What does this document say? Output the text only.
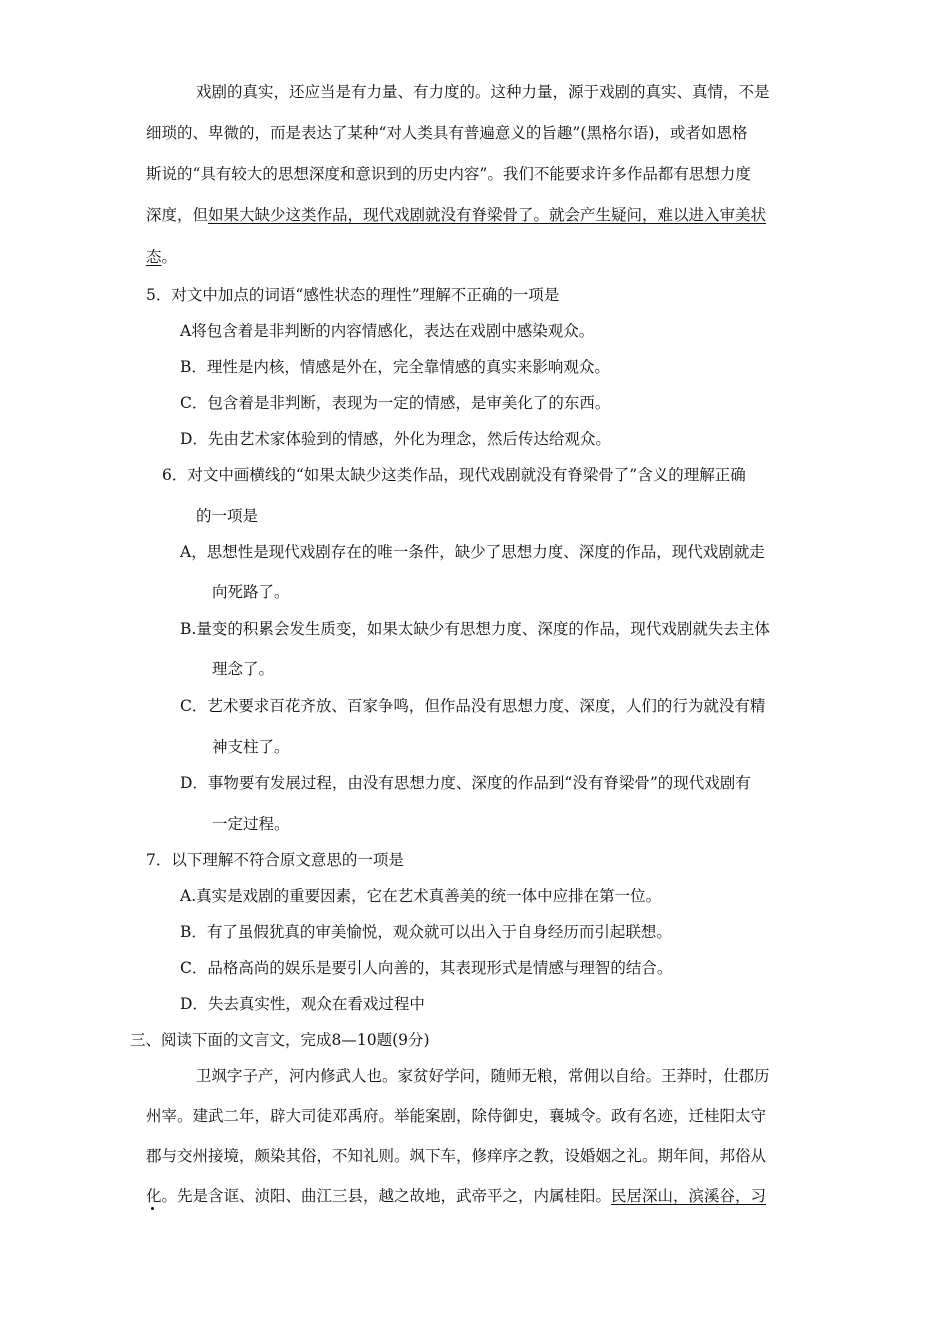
戏剧的真实，还应当是有力量、有力度的。这种力量，源于戏剧的真实、真情，不是
细琐的、卑微的，而是表达了某种“对人类具有普遍意义的旨趣”(黑格尔语)，或者如恩格
斯说的“具有较大的思想深度和意识到的历史内容”。我们不能要求许多作品都有思想力度
深度，但如果大缺少这类作品，现代戏剧就没有脊梁骨了。就会产生疑问，难以进入审美状
态。
5．对文中加点的词语“感性状态的理性”理解不正确的一项是
A将包含着是非判断的内容情感化，表达在戏剧中感染观众。
B．理性是内核，情感是外在，完全靠情感的真实来影响观众。
C．包含着是非判断，表现为一定的情感，是审美化了的东西。
D．先由艺术家体验到的情感，外化为理念，然后传达给观众。
6．对文中画横线的“如果太缺少这类作品，现代戏剧就没有脊梁骨了”含义的理解正确
的一项是
A，思想性是现代戏剧存在的唯一条件，缺少了思想力度、深度的作品，现代戏剧就走
向死路了。
B.量变的积累会发生质变，如果太缺少有思想力度、深度的作品，现代戏剧就失去主体
理念了。
C．艺术要求百花齐放、百家争鸣，但作品没有思想力度、深度，人们的行为就没有精
神支柱了。
D．事物要有发展过程，由没有思想力度、深度的作品到“没有脊梁骨”的现代戏剧有
一定过程。
7．以下理解不符合原文意思的一项是
A.真实是戏剧的重要因素，它在艺术真善美的统一体中应排在第一位。
B．有了虽假犹真的审美愉悦，观众就可以出入于自身经历而引起联想。
C．品格高尚的娱乐是要引人向善的，其表现形式是情感与理智的结合。
D．失去真实性，观众在看戏过程中
三、阅读下面的文言文，完成8—10题(9分)
卫飒字子产，河内修武人也。家贫好学问，随师无粮，常佣以自给。王莽时，仕郡历
州宰。建武二年，辟大司徒邓禹府。举能案剧，除侍御史，襄城令。政有名迹，迁桂阳太守
郡与交州接境，颇染其俗，不知礼则。飒下车，修痒序之教，设婚姻之礼。期年间，邦俗从
化。先是含诓、浈阳、曲江三县，越之故地，武帝平之，内属桂阳。民居深山，滨溪谷，习
